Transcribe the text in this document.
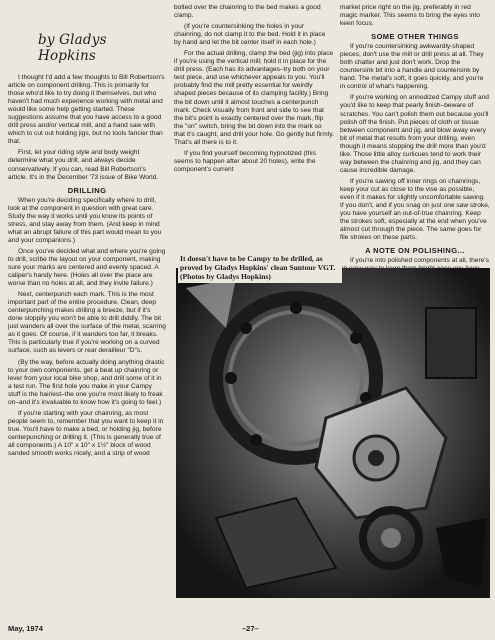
by Gladys Hopkins

I thought I'd add a few thoughts to Bill Robertson's article on component drilling. This is primarily for those who'd like to try doing it themselves, but who haven't had much experience working with metal and would like some help getting started. These suggestions assume that you have access to a good drill press and/or vertical mill, and a hand saw with which to cut out holding jigs, but no tools fancier than that.

First, let your riding style and body weight determine what you drill, and always decide conservatively. If you can, read Bill Robertson's article. It's in the December '73 issue of Bike World.

DRILLING

When you're deciding specifically where to drill, look at the component in question with great care. Study the way it works until you know its points of stress, and stay away from them. (And keep in mind what an abrupt failure of this part would mean to you and your companions.)

Once you've decided what and where you're going to drill, scribe the layout on your component, making sure your marks are centered and evenly spaced. A caliper's handy here. (Holes all over the place are worse than no holes at all, and they invite failure.)

Next, centerpunch each mark. This is the most important part of the entire procedure. Clean, deep centerpunching makes drilling a breeze, but if it's done sloppily you won't be able to drill diddly. The bit just wanders all over the surface of the metal, scarring as it goes. Of course, if it wanders too far, it breaks. This is particularly true if you're working on a curved surface, such as levers or rear derailleur "D"s.

(By the way, before actually doing anything drastic to your own components, get a beat up chainring or lever from your local bike shop, and drill some of it in a test run. The first hole you make in your Campy stuff is the hairiest–the one you're most likely to freak on–and it's invaluable to know how it's going to feel.)

If you're starting with your chainring, as most people seem to, remember that you want to keep it in true. You'll have to make a bed, or holding jig, before centerpunching or drilling it. (This is generally true of all components.) A 10" x 10" x 1½" block of wood sanded smooth works nicely, and a strip of wood

bolted over the chainring to the bed makes a good clamp.

(If you're countersinking the holes in your chainring, do not clamp it to the bed. Hold it in place by hand and let the bit center itself in each hole.)

For the actual drilling, clamp the bed (jig) into place if you're using the vertical mill; hold it in place for the drill press. (Each has its advantages–try both on your test piece, and use whichever appeals to you. You'll probably find the mill pretty essential for weirdly shaped pieces because of its clamping facility.) Bring the bit down until it almost touches a centerpunch mark. Check visually from front and side to see that the bit's point is exactly centered over the mark, flip the "on" switch, bring the bit down into the mark so that it's caught, and drill your hole. Go gently but firmly. That's all there is to it.

If you find yourself becoming hypnotized (this seems to happen after about 20 holes), write the component's current

market price right on the jig, preferably in red magic marker. This seems to bring the eyes into keen focus.

SOME OTHER THINGS

If you're countersinking awkwardly-shaped pieces, don't use the mill or drill press at all. They both chatter and just don't work. Drop the countersink bit into a handle and countersink by hand. The metal's soft, it goes quickly, and you're in control of what's happening.

If you're working on annodized Campy stuff and you'd like to keep that pearly finish–beware of scratches. You can't polish them out because you'll polish off the finish. Put pieces of cloth or tissue between component and jig, and blow away every bit of metal that results from your drilling, even though it means stopping the drill more than you'd like. Those little alloy curlicues tend to work their way between the chainring and jig, and they can cause incredible damage.

If you're sawing off inner rings on chainrings, keep your cut as close to the vise as possible, even if it makes for slightly uncomfortable sawing. If you don't, and if you snag on just one saw stroke, you have yourself an out-of-true chainring. Keep the strokes soft, especially at the end when you've almost cut through the piece. The same goes for file strokes on these parts.

A NOTE ON POLISHING...

If you're into polished components at all, there's

It doesn't have to be Campy to be drilled, as proved by Gladys Hopkins' clean Suntour VGT. (Photos by Gladys Hopkins)
May, 1974	–27–
